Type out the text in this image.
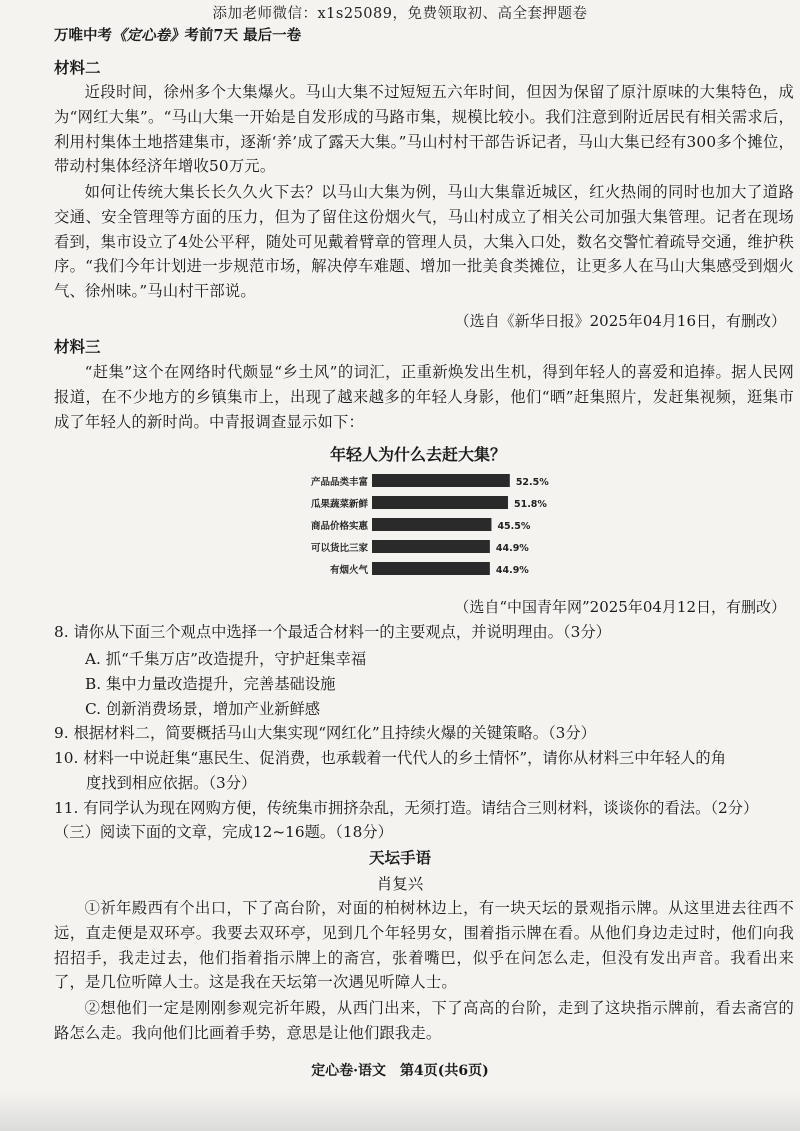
添加老师微信：x1s25089，免费领取初、高全套押题卷
万唯中考《定心卷》考前7天 最后一卷
材料二
近段时间，徐州多个大集爆火。马山大集不过短短五六年时间，但因为保留了原汁原味的大集特色，成为“网红大集”。“马山大集一开始是自发形成的马路市集，规模比较小。我们注意到附近居民有相关需求后，利用村集体土地搭建集市，逐渐‘养’成了露天大集。”马山村村干部告诉记者，马山大集已经有300多个摊位，带动村集体经济年增收50万元。
如何让传统大集长长久久火下去？以马山大集为例，马山大集靠近城区，红火热闹的同时也加大了道路交通、安全管理等方面的压力，但为了留住这份烟火气，马山村成立了相关公司加强大集管理。记者在现场看到，集市设立了4处公平秤，随处可见戴着臂章的管理人员，大集入口处，数名交警忙着疏导交通，维护秩序。“我们今年计划进一步规范市场，解决停车难题、增加一批美食类摊位，让更多人在马山大集感受到烟火气、徐州味。”马山村干部说。
（选自《新华日报》2025年04月16日，有删改）
材料三
“赶集”这个在网络时代颇显“乡土风”的词汇，正重新焕发出生机，得到年轻人的喜爱和追捧。据人民网报道，在不少地方的乡镇集市上，出现了越来越多的年轻人身影，他们“晒”赶集照片，发赶集视频，逛集市成了年轻人的新时尚。中青报调查显示如下：
年轻人为什么去赶大集？
产品品类丰富	52.5%
瓜果蔬菜新鲜	51.8%
商品价格实惠	45.5%
可以货比三家	44.9%
有烟火气	44.9%
（选自“中国青年网”2025年04月12日，有删改）
8. 请你从下面三个观点中选择一个最适合材料一的主要观点，并说明理由。（3分）
A. 抓“千集万店”改造提升，守护赶集幸福
B. 集中力量改造提升，完善基础设施
C. 创新消费场景，增加产业新鲜感
9. 根据材料二，简要概括马山大集实现“网红化”且持续火爆的关键策略。（3分）
10. 材料一中说赶集“惠民生、促消费，也承载着一代代人的乡土情怀”，请你从材料三中年轻人的角
度找到相应依据。（3分）
11. 有同学认为现在网购方便，传统集市拥挤杂乱，无须打造。请结合三则材料，谈谈你的看法。（2分）
（三）阅读下面的文章，完成12~16题。（18分）
天坛手语
肖复兴
①祈年殿西有个出口，下了高台阶，对面的柏树林边上，有一块天坛的景观指示牌。从这里进去往西不远，直走便是双环亭。我要去双环亭，见到几个年轻男女，围着指示牌在看。从他们身边走过时，他们向我招招手，我走过去，他们指着指示牌上的斋宫，张着嘴巴，似乎在问怎么走，但没有发出声音。我看出来了，是几位听障人士。这是我在天坛第一次遇见听障人士。
②想他们一定是刚刚参观完祈年殿，从西门出来，下了高高的台阶，走到了这块指示牌前，看去斋宫的路怎么走。我向他们比画着手势，意思是让他们跟我走。
定心卷·语文　第4页(共6页)
